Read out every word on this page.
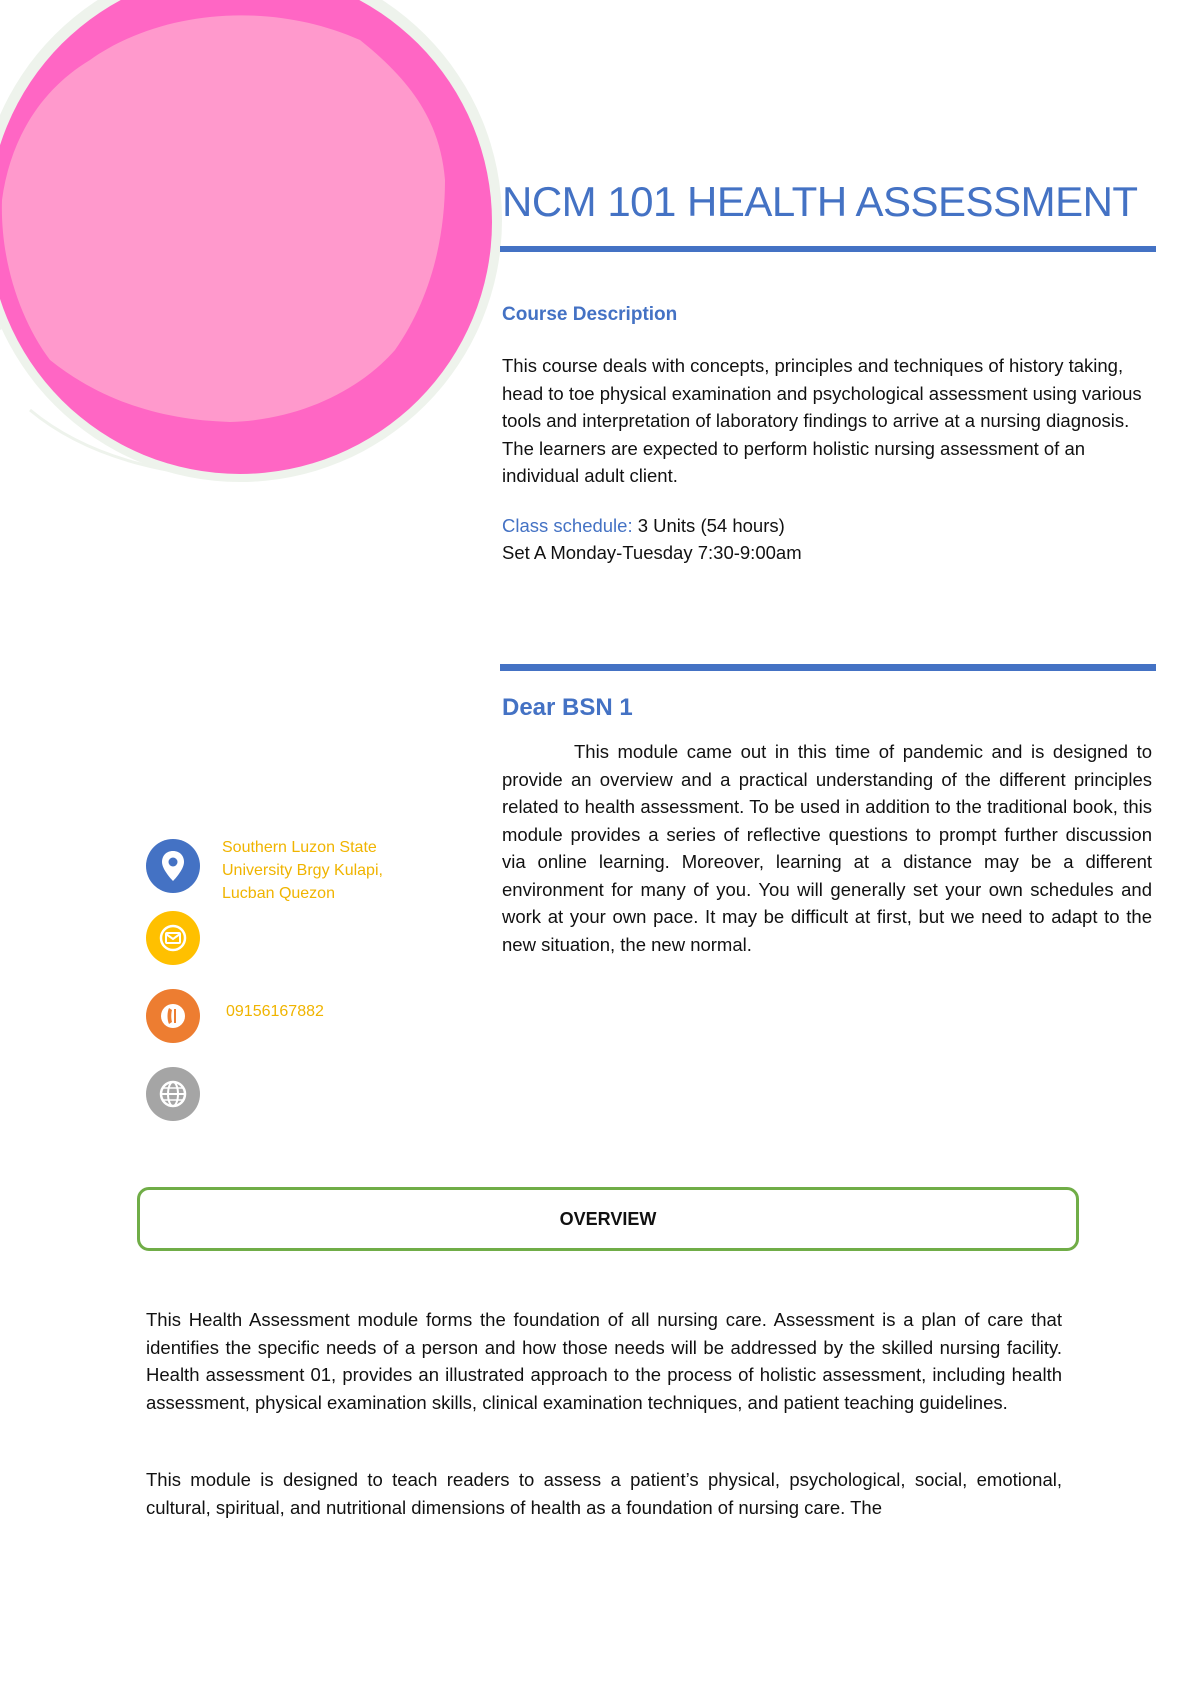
NCM 101 HEALTH ASSESSMENT
Course Description

This course deals with concepts, principles and techniques of history taking, head to toe physical examination and psychological assessment using various tools and interpretation of laboratory findings to arrive at a nursing diagnosis. The learners are expected to perform holistic nursing assessment of an individual adult client.

Class schedule: 3 Units (54 hours)
Set A Monday-Tuesday 7:30-9:00am
Dear BSN 1

This module came out in this time of pandemic and is designed to provide an overview and a practical understanding of the different principles related to health assessment. To be used in addition to the traditional book, this module provides a series of reflective questions to prompt further discussion via online learning. Moreover, learning at a distance may be a different environment for many of you. You will generally set your own schedules and work at your own pace. It may be difficult at first, but we need to adapt to the new situation, the new normal.

Southern Luzon State
University Brgy Kulapi,
Lucban Quezon
09156167882
OVERVIEW

This Health Assessment module forms the foundation of all nursing care. Assessment is a plan of care that identifies the specific needs of a person and how those needs will be addressed by the skilled nursing facility. Health assessment 01, provides an illustrated approach to the process of holistic assessment, including health assessment, physical examination skills, clinical examination techniques, and patient teaching guidelines.

This module is designed to teach readers to assess a patient’s physical, psychological, social, emotional, cultural, spiritual, and nutritional dimensions of health as a foundation of nursing care. The
